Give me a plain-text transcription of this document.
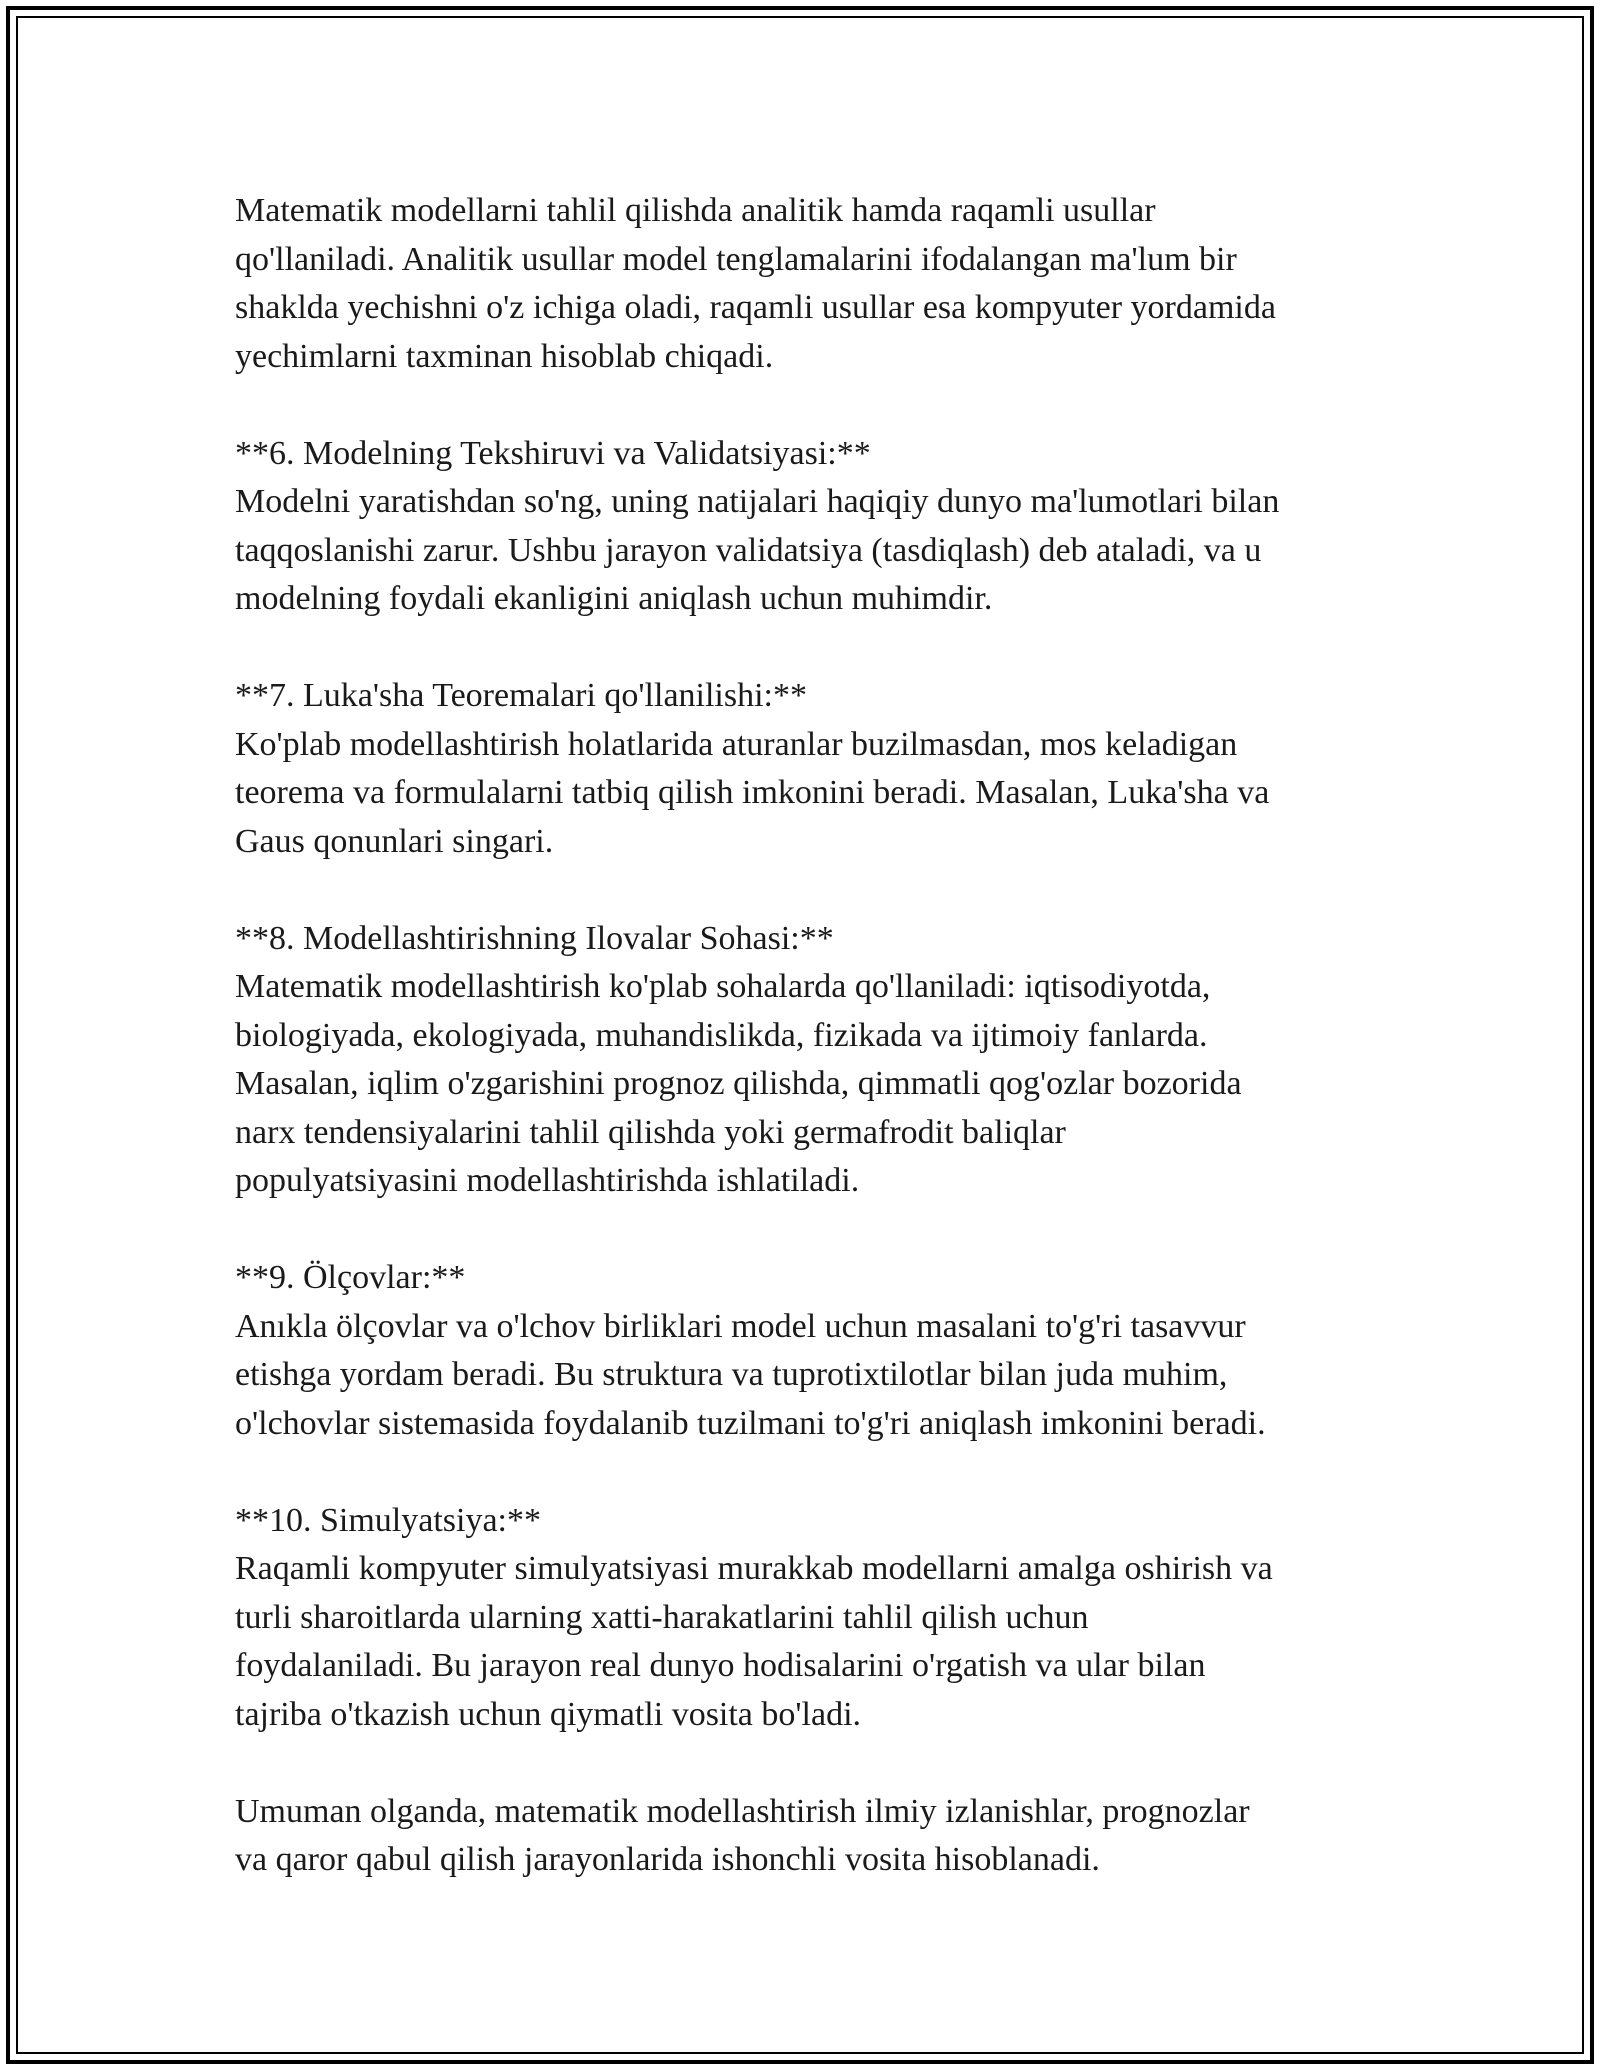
Matematik modellarni tahlil qilishda analitik hamda raqamli usullar

qo'llaniladi. Analitik usullar model tenglamalarini ifodalangan ma'lum bir

shaklda yechishni o'z ichiga oladi, raqamli usullar esa kompyuter yordamida

yechimlarni taxminan hisoblab chiqadi.

**6. Modelning Tekshiruvi va Validatsiyasi:**

Modelni yaratishdan so'ng, uning natijalari haqiqiy dunyo ma'lumotlari bilan

taqqoslanishi zarur. Ushbu jarayon validatsiya (tasdiqlash) deb ataladi, va u

modelning foydali ekanligini aniqlash uchun muhimdir.

**7. Luka'sha Teoremalari qo'llanilishi:**

Ko'plab modellashtirish holatlarida aturanlar buzilmasdan, mos keladigan

teorema va formulalarni tatbiq qilish imkonini beradi. Masalan, Luka'sha va

Gaus qonunlari singari.

**8. Modellashtirishning Ilovalar Sohasi:**

Matematik modellashtirish ko'plab sohalarda qo'llaniladi: iqtisodiyotda,

biologiyada, ekologiyada, muhandislikda, fizikada va ijtimoiy fanlarda.

Masalan, iqlim o'zgarishini prognoz qilishda, qimmatli qog'ozlar bozorida

narx tendensiyalarini tahlil qilishda yoki germafrodit baliqlar

populyatsiyasini modellashtirishda ishlatiladi.

**9. Ölçovlar:**

Anıkla ölçovlar va o'lchov birliklari model uchun masalani to'g'ri tasavvur

etishga yordam beradi. Bu struktura va tuprotixtilotlar bilan juda muhim,

o'lchovlar sistemasida foydalanib tuzilmani to'g'ri aniqlash imkonini beradi.

**10. Simulyatsiya:**

Raqamli kompyuter simulyatsiyasi murakkab modellarni amalga oshirish va

turli sharoitlarda ularning xatti-harakatlarini tahlil qilish uchun

foydalaniladi. Bu jarayon real dunyo hodisalarini o'rgatish va ular bilan

tajriba o'tkazish uchun qiymatli vosita bo'ladi.

Umuman olganda, matematik modellashtirish ilmiy izlanishlar, prognozlar

va qaror qabul qilish jarayonlarida ishonchli vosita hisoblanadi.
